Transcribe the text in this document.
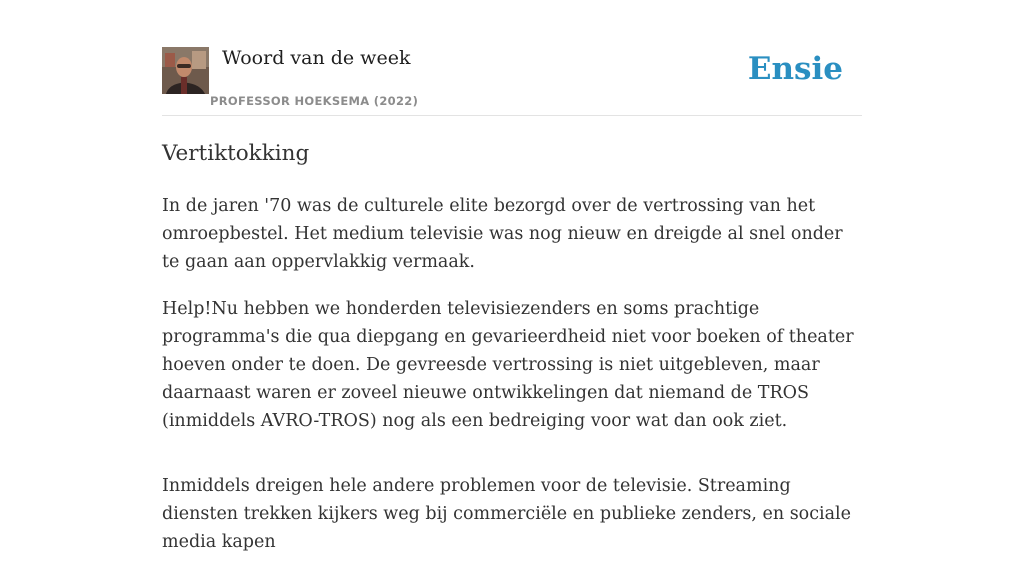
Woord van de week
PROFESSOR HOEKSEMA (2022)
Ensie
Vertiktokking

In de jaren '70 was de culturele elite bezorgd over de vertrossing van het omroepbestel. Het medium televisie was nog nieuw en dreigde al snel onder te gaan aan oppervlakkig vermaak.

Help!Nu hebben we honderden televisiezenders en soms prachtige programma's die qua diepgang en gevarieerdheid niet voor boeken of theater hoeven onder te doen. De gevreesde vertrossing is niet uitgebleven, maar daarnaast waren er zoveel nieuwe ontwikkelingen dat niemand de TROS (inmiddels AVRO-TROS) nog als een bedreiging voor wat dan ook ziet.

Inmiddels dreigen hele andere problemen voor de televisie. Streaming diensten trekken kijkers weg bij commerciële en publieke zenders, en sociale media kapen
